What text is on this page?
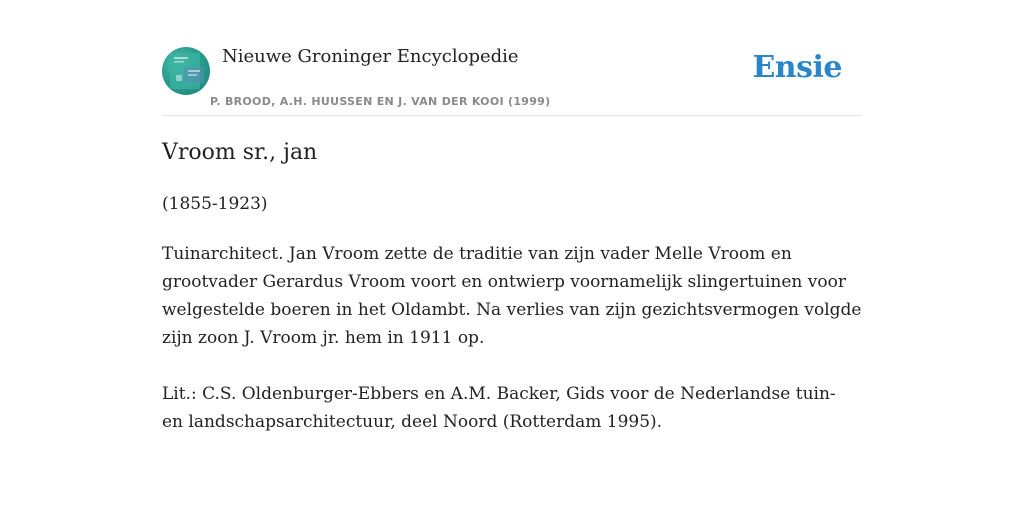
Nieuwe Groninger Encyclopedie
P. BROOD, A.H. HUUSSEN EN J. VAN DER KOOI (1999)
Ensie
Vroom sr., jan
(1855-1923)

Tuinarchitect. Jan Vroom zette de traditie van zijn vader Melle Vroom en grootvader Gerardus Vroom voort en ontwierp voornamelijk slingertuinen voor welgestelde boeren in het Oldambt. Na verlies van zijn gezichtsvermogen volgde zijn zoon J. Vroom jr. hem in 1911 op.

Lit.: C.S. Oldenburger-Ebbers en A.M. Backer, Gids voor de Nederlandse tuin- en landschapsarchitectuur, deel Noord (Rotterdam 1995).
